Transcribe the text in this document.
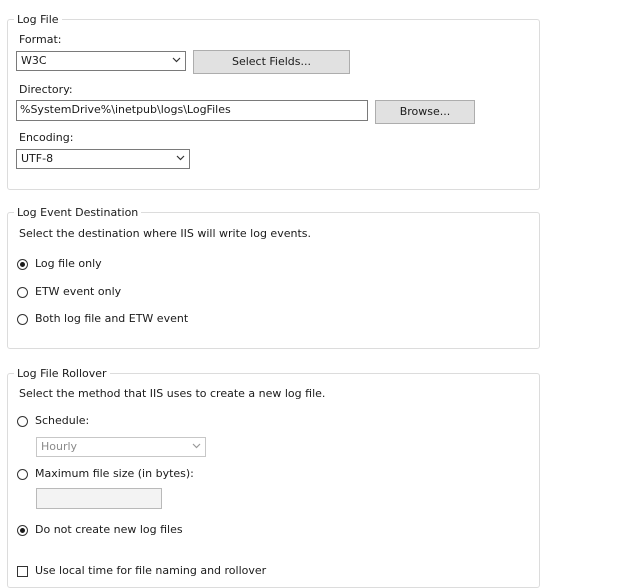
Log File
Format:
W3C	Select Fields...
Directory:
%SystemDrive%\inetpub\logs\LogFiles	Browse...
Encoding:
UTF-8
Log Event Destination
Select the destination where IIS will write log events.
Log file only
ETW event only
Both log file and ETW event
Log File Rollover
Select the method that IIS uses to create a new log file.
Schedule:
Hourly
Maximum file size (in bytes):
Do not create new log files
Use local time for file naming and rollover
